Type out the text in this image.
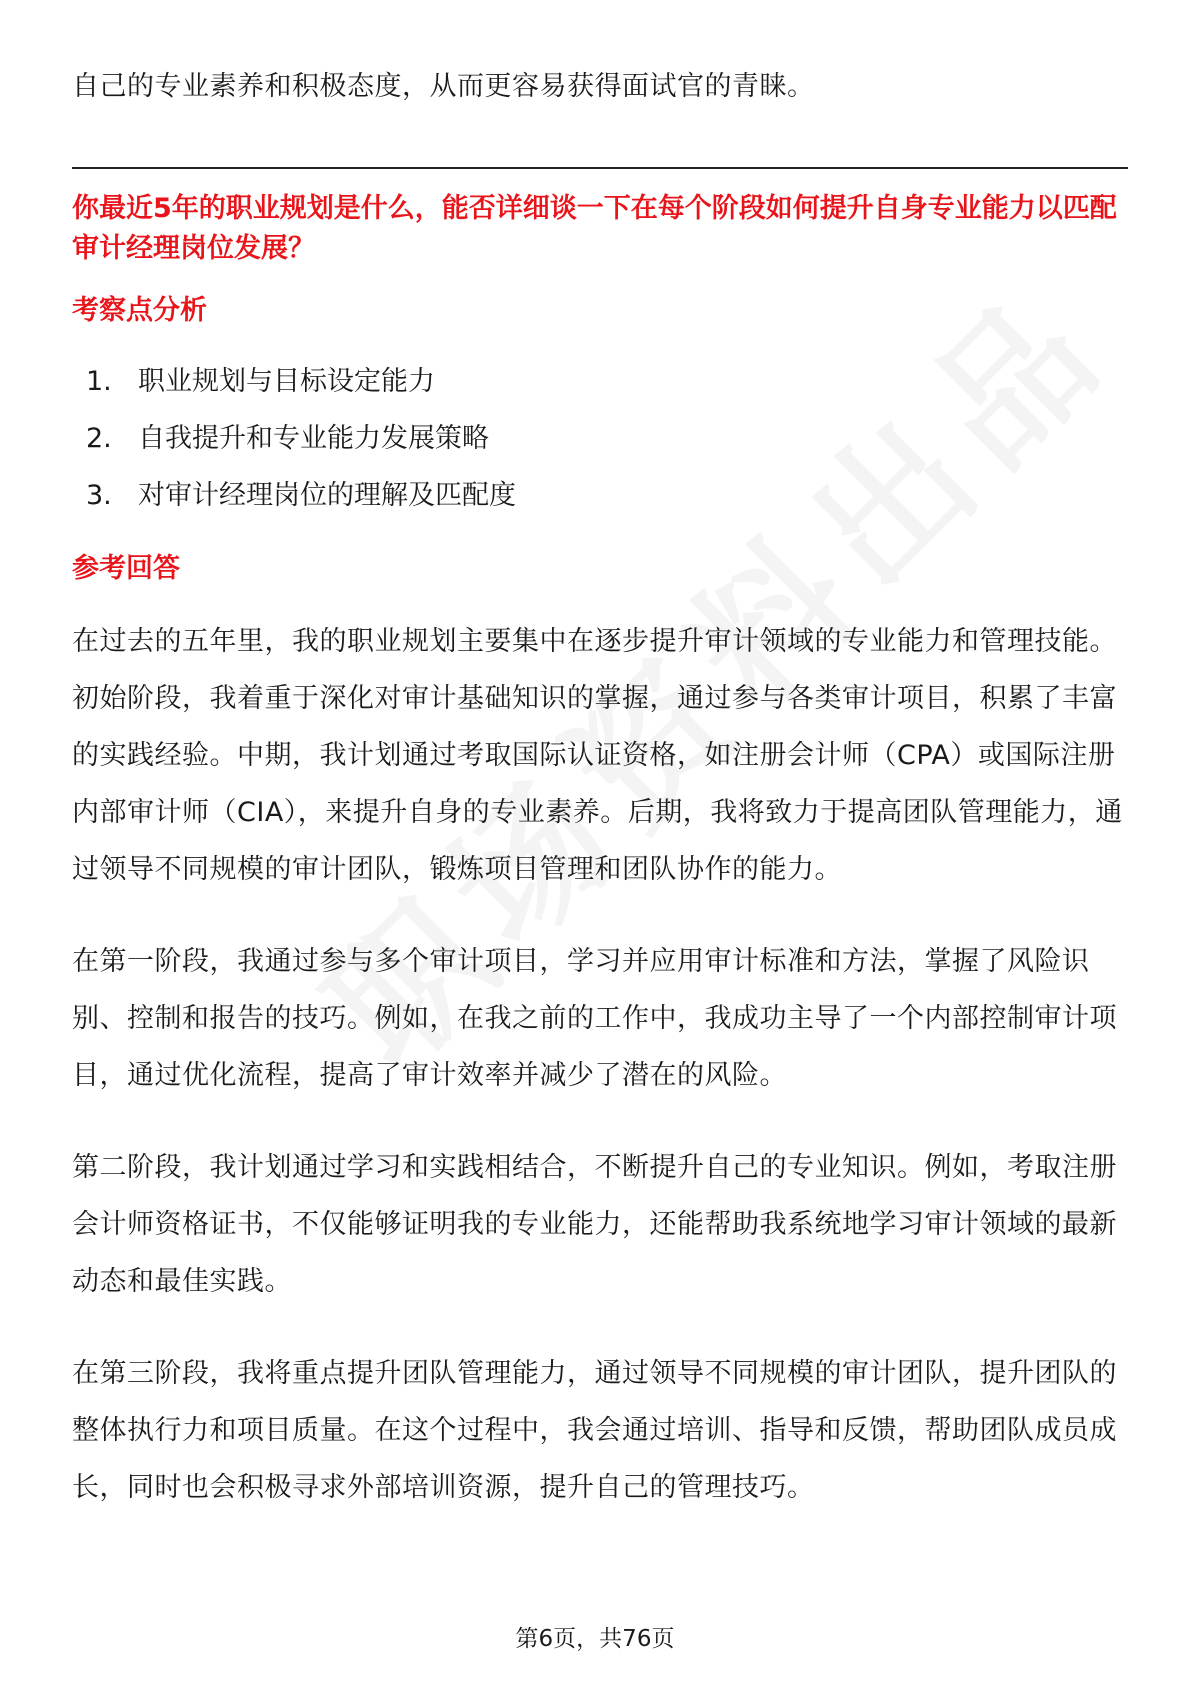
自己的专业素养和积极态度，从而更容易获得面试官的青睐。

你最近5年的职业规划是什么，能否详细谈一下在每个阶段如何提升自身专业能力以匹配审计经理岗位发展？

考察点分析

1. 职业规划与目标设定能力
2. 自我提升和专业能力发展策略
3. 对审计经理岗位的理解及匹配度

参考回答

在过去的五年里，我的职业规划主要集中在逐步提升审计领域的专业能力和管理技能。初始阶段，我着重于深化对审计基础知识的掌握，通过参与各类审计项目，积累了丰富的实践经验。中期，我计划通过考取国际认证资格，如注册会计师（CPA）或国际注册内部审计师（CIA），来提升自身的专业素养。后期，我将致力于提高团队管理能力，通过领导不同规模的审计团队，锻炼项目管理和团队协作的能力。

在第一阶段，我通过参与多个审计项目，学习并应用审计标准和方法，掌握了风险识别、控制和报告的技巧。例如，在我之前的工作中，我成功主导了一个内部控制审计项目，通过优化流程，提高了审计效率并减少了潜在的风险。

第二阶段，我计划通过学习和实践相结合，不断提升自己的专业知识。例如，考取注册会计师资格证书，不仅能够证明我的专业能力，还能帮助我系统地学习审计领域的最新动态和最佳实践。

在第三阶段，我将重点提升团队管理能力，通过领导不同规模的审计团队，提升团队的整体执行力和项目质量。在这个过程中，我会通过培训、指导和反馈，帮助团队成员成长，同时也会积极寻求外部培训资源，提升自己的管理技巧。

第6页，共76页
